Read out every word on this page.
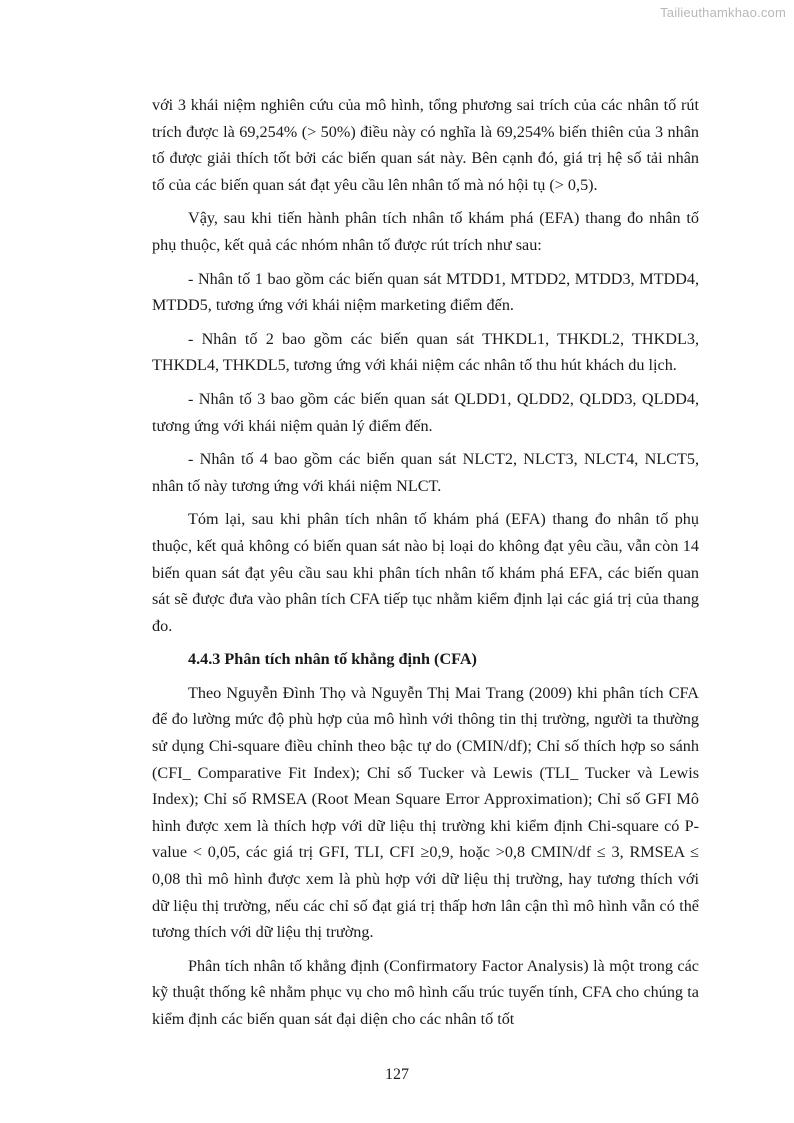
Tailieuthamkhao.com

với 3 khái niệm nghiên cứu của mô hình, tổng phương sai trích của các nhân tố rút trích được là 69,254% (> 50%) điều này có nghĩa là 69,254% biến thiên của 3 nhân tố được giải thích tốt bởi các biến quan sát này. Bên cạnh đó, giá trị hệ số tải nhân tố của các biến quan sát đạt yêu cầu lên nhân tố mà nó hội tụ (> 0,5).

Vậy, sau khi tiến hành phân tích nhân tố khám phá (EFA) thang đo nhân tố phụ thuộc, kết quả các nhóm nhân tố được rút trích như sau:

- Nhân tố 1 bao gồm các biến quan sát MTDD1, MTDD2, MTDD3, MTDD4, MTDD5, tương ứng với khái niệm marketing điểm đến.

- Nhân tố 2 bao gồm các biến quan sát THKDL1, THKDL2, THKDL3, THKDL4, THKDL5, tương ứng với khái niệm các nhân tố thu hút khách du lịch.

- Nhân tố 3 bao gồm các biến quan sát QLDD1, QLDD2, QLDD3, QLDD4, tương ứng với khái niệm quản lý điểm đến.

- Nhân tố 4 bao gồm các biến quan sát NLCT2, NLCT3, NLCT4, NLCT5, nhân tố này tương ứng với khái niệm NLCT.

Tóm lại, sau khi phân tích nhân tố khám phá (EFA) thang đo nhân tố phụ thuộc, kết quả không có biến quan sát nào bị loại do không đạt yêu cầu, vẫn còn 14 biến quan sát đạt yêu cầu sau khi phân tích nhân tố khám phá EFA, các biến quan sát sẽ được đưa vào phân tích CFA tiếp tục nhằm kiểm định lại các giá trị của thang đo.

4.4.3 Phân tích nhân tố khẳng định (CFA)

Theo Nguyễn Đình Thọ và Nguyễn Thị Mai Trang (2009) khi phân tích CFA để đo lường mức độ phù hợp của mô hình với thông tin thị trường, người ta thường sử dụng Chi-square điều chỉnh theo bậc tự do (CMIN/df); Chỉ số thích hợp so sánh (CFI_ Comparative Fit Index); Chỉ số Tucker và Lewis (TLI_ Tucker và Lewis Index); Chỉ số RMSEA (Root Mean Square Error Approximation); Chỉ số GFI Mô hình được xem là thích hợp với dữ liệu thị trường khi kiểm định Chi-square có P-value < 0,05, các giá trị GFI, TLI, CFI ≥0,9, hoặc >0,8 CMIN/df ≤ 3, RMSEA ≤ 0,08 thì mô hình được xem là phù hợp với dữ liệu thị trường, hay tương thích với dữ liệu thị trường, nếu các chỉ số đạt giá trị thấp hơn lân cận thì mô hình vẫn có thể tương thích với dữ liệu thị trường.

Phân tích nhân tố khẳng định (Confirmatory Factor Analysis) là một trong các kỹ thuật thống kê nhằm phục vụ cho mô hình cấu trúc tuyến tính, CFA cho chúng ta kiểm định các biến quan sát đại diện cho các nhân tố tốt

127
